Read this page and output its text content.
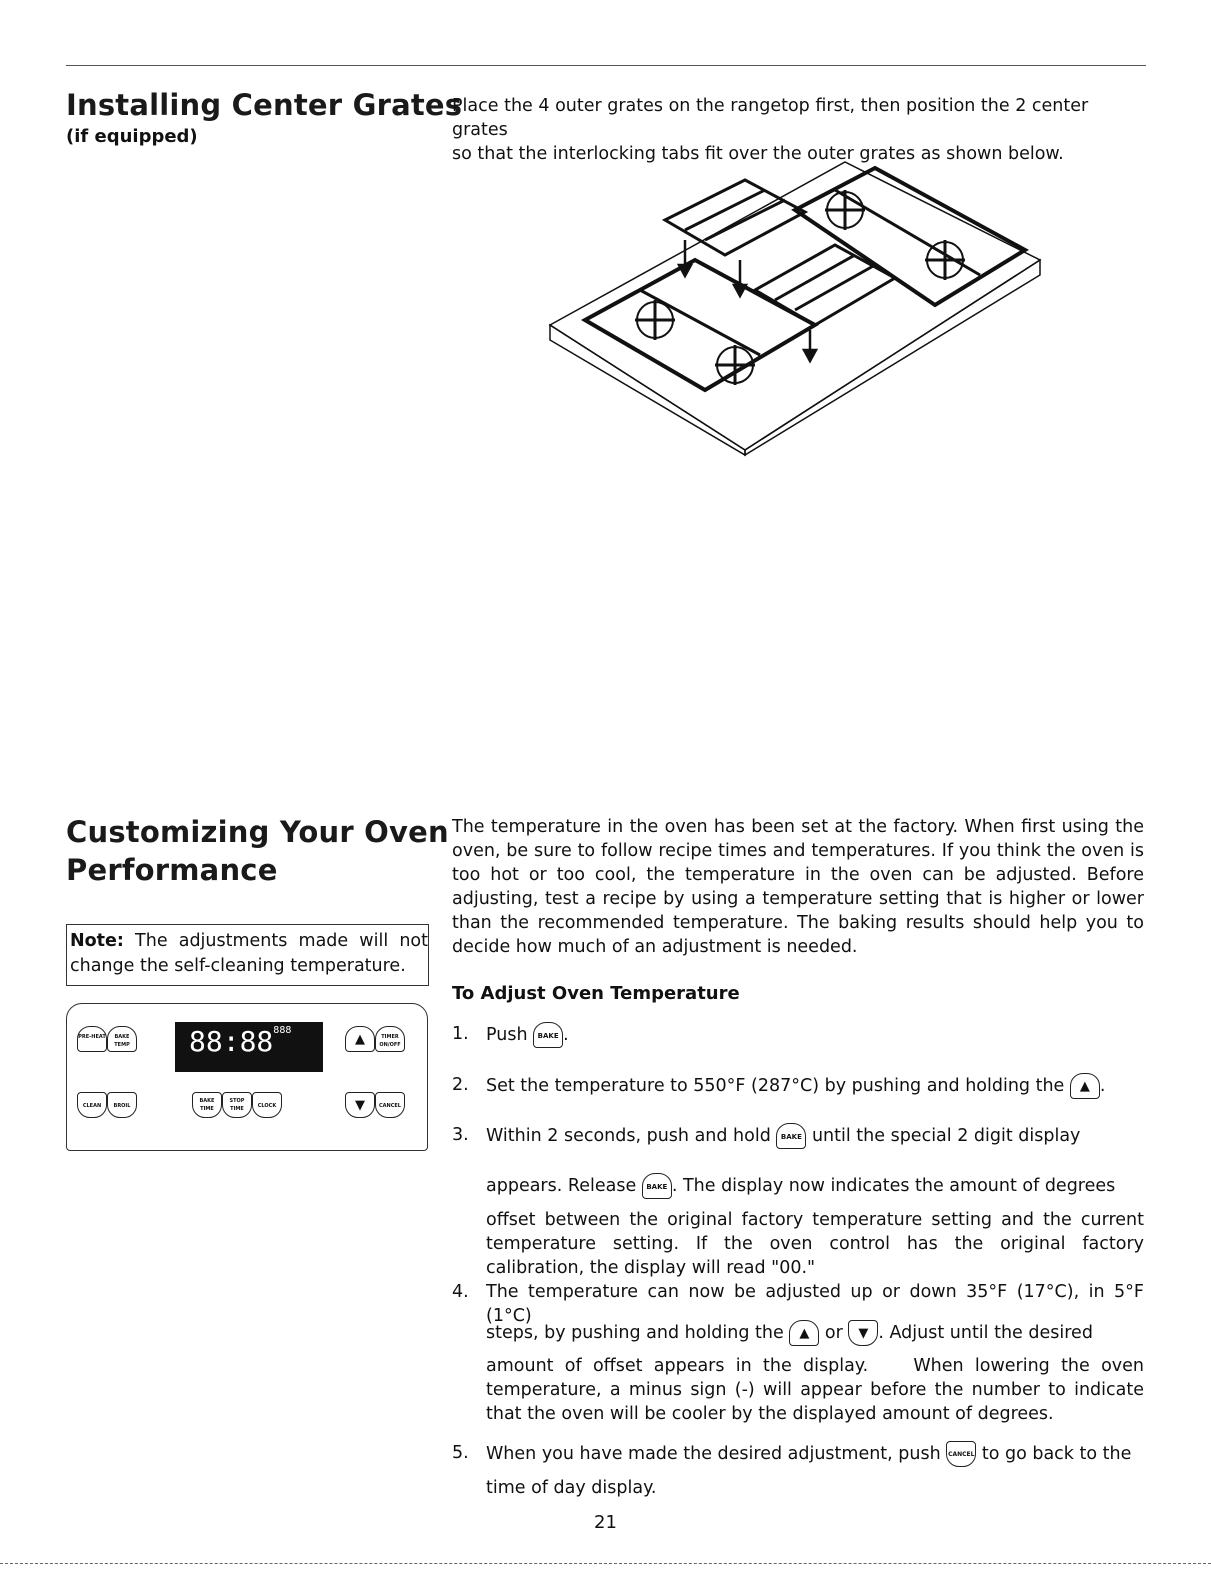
Installing Center Grates
(if equipped)
Place the 4 outer grates on the rangetop first, then position the 2 center grates
so that the interlocking tabs fit over the outer grates as shown below.
Customizing Your Oven
Performance
Note: The adjustments made will not change the self-cleaning temperature.
PRE-HEAT BAKE TEMP	$88:88^{888}$
▲	TIMER ON/OFF
CLEAN BROIL
BAKE TIMESTOP TIME	CLOCK	▼	CANCEL
The temperature in the oven has been set at the factory. When first using the oven, be sure to follow recipe times and temperatures. If you think the oven is too hot or too cool, the temperature in the oven can be adjusted. Before adjusting, test a recipe by using a temperature setting that is higher or lower than the recommended temperature. The baking results should help you to decide how much of an adjustment is needed.
To Adjust Oven Temperature
1. Push BAKE .
2. Set the temperature to 550°F (287°C) by pushing and holding the ▲ .
3. Within 2 seconds, push and hold BAKE until the special 2 digit display
appears. Release BAKE . The display now indicates the amount of degrees
offset between the original factory temperature setting and the current temperature setting. If the oven control has the original factory calibration, the display will read "00."
4. The temperature can now be adjusted up or down 35°F (17°C), in 5°F (1°C)
steps, by pushing and holding the ▲ or ▼ . Adjust until the desired
amount of offset appears in the display.    When lowering the oven temperature, a minus sign (-) will appear before the number to indicate that the oven will be cooler by the displayed amount of degrees.
5. When you have made the desired adjustment, push CANCEL to go back to the
time of day display.
21
